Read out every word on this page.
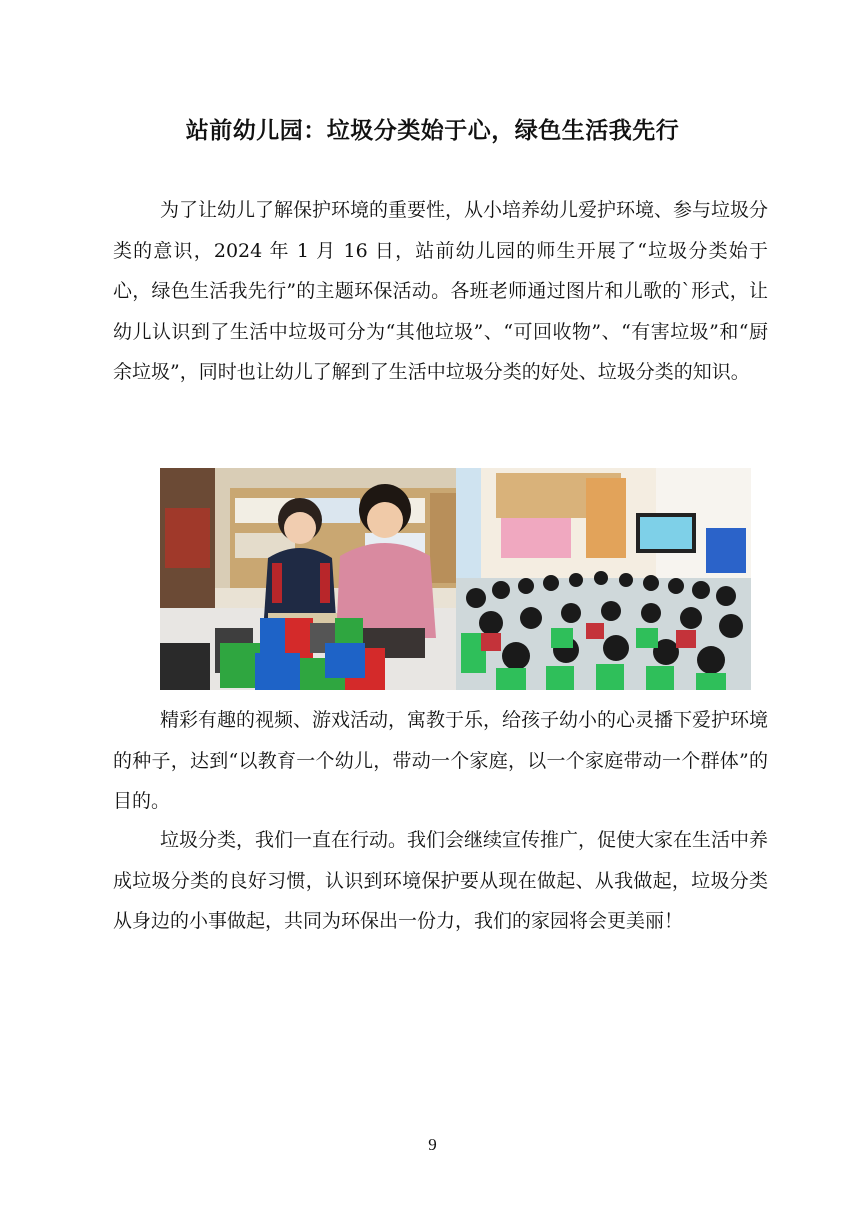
站前幼儿园：垃圾分类始于心，绿色生活我先行

为了让幼儿了解保护环境的重要性，从小培养幼儿爱护环境、参与垃圾分类的意识，2024 年 1 月 16 日，站前幼儿园的师生开展了“垃圾分类始于心，绿色生活我先行”的主题环保活动。各班老师通过图片和儿歌的`形式，让幼儿认识到了生活中垃圾可分为“其他垃圾”、“可回收物”、“有害垃圾”和“厨余垃圾”，同时也让幼儿了解到了生活中垃圾分类的好处、垃圾分类的知识。

精彩有趣的视频、游戏活动，寓教于乐，给孩子幼小的心灵播下爱护环境的种子，达到“以教育一个幼儿，带动一个家庭，以一个家庭带动一个群体”的目的。

垃圾分类，我们一直在行动。我们会继续宣传推广，促使大家在生活中养成垃圾分类的良好习惯，认识到环境保护要从现在做起、从我做起，垃圾分类从身边的小事做起，共同为环保出一份力，我们的家园将会更美丽！

9
